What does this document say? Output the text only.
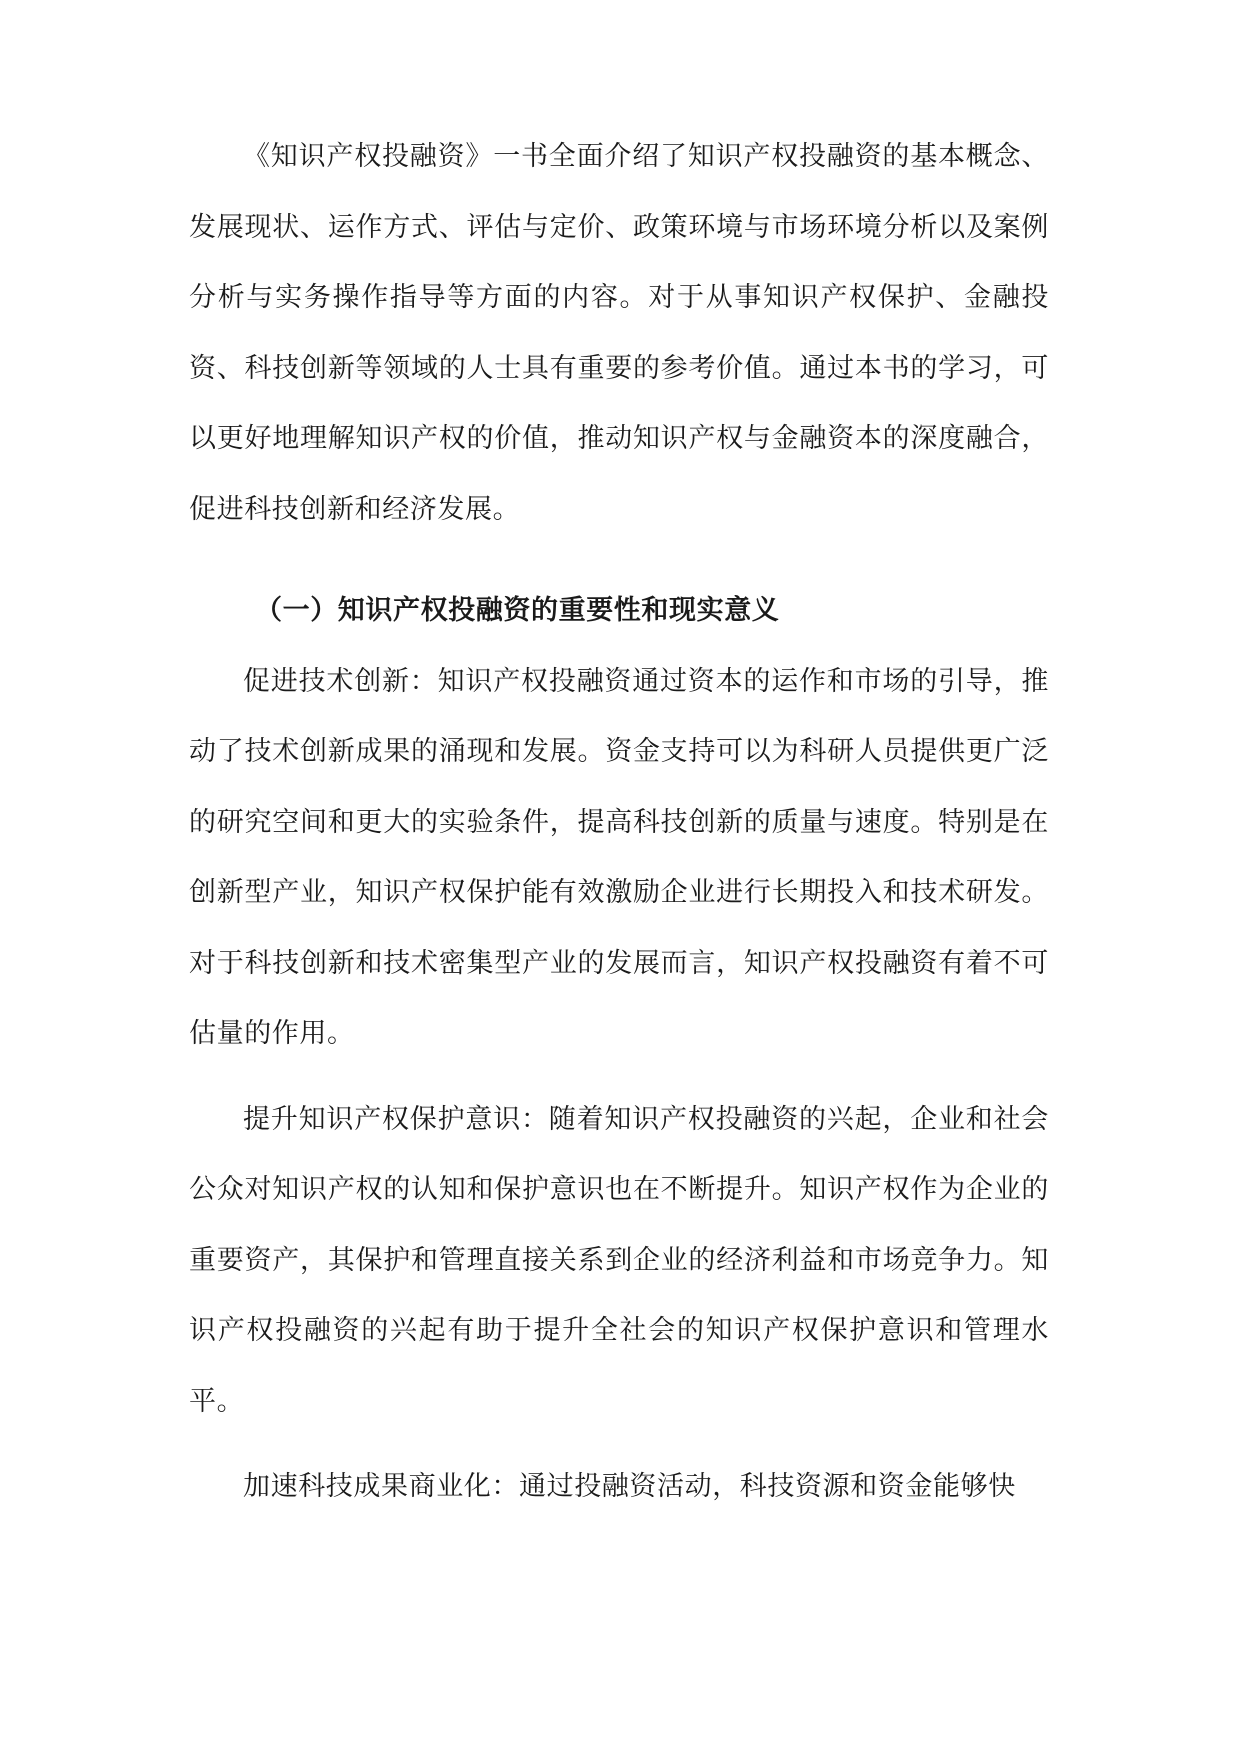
《知识产权投融资》一书全面介绍了知识产权投融资的基本概念、发展现状、运作方式、评估与定价、政策环境与市场环境分析以及案例分析与实务操作指导等方面的内容。对于从事知识产权保护、金融投资、科技创新等领域的人士具有重要的参考价值。通过本书的学习，可以更好地理解知识产权的价值，推动知识产权与金融资本的深度融合，促进科技创新和经济发展。

（一）知识产权投融资的重要性和现实意义

促进技术创新：知识产权投融资通过资本的运作和市场的引导，推动了技术创新成果的涌现和发展。资金支持可以为科研人员提供更广泛的研究空间和更大的实验条件，提高科技创新的质量与速度。特别是在创新型产业，知识产权保护能有效激励企业进行长期投入和技术研发。对于科技创新和技术密集型产业的发展而言，知识产权投融资有着不可估量的作用。

提升知识产权保护意识：随着知识产权投融资的兴起，企业和社会公众对知识产权的认知和保护意识也在不断提升。知识产权作为企业的重要资产，其保护和管理直接关系到企业的经济利益和市场竞争力。知识产权投融资的兴起有助于提升全社会的知识产权保护意识和管理水平。

加速科技成果商业化：通过投融资活动，科技资源和资金能够快
